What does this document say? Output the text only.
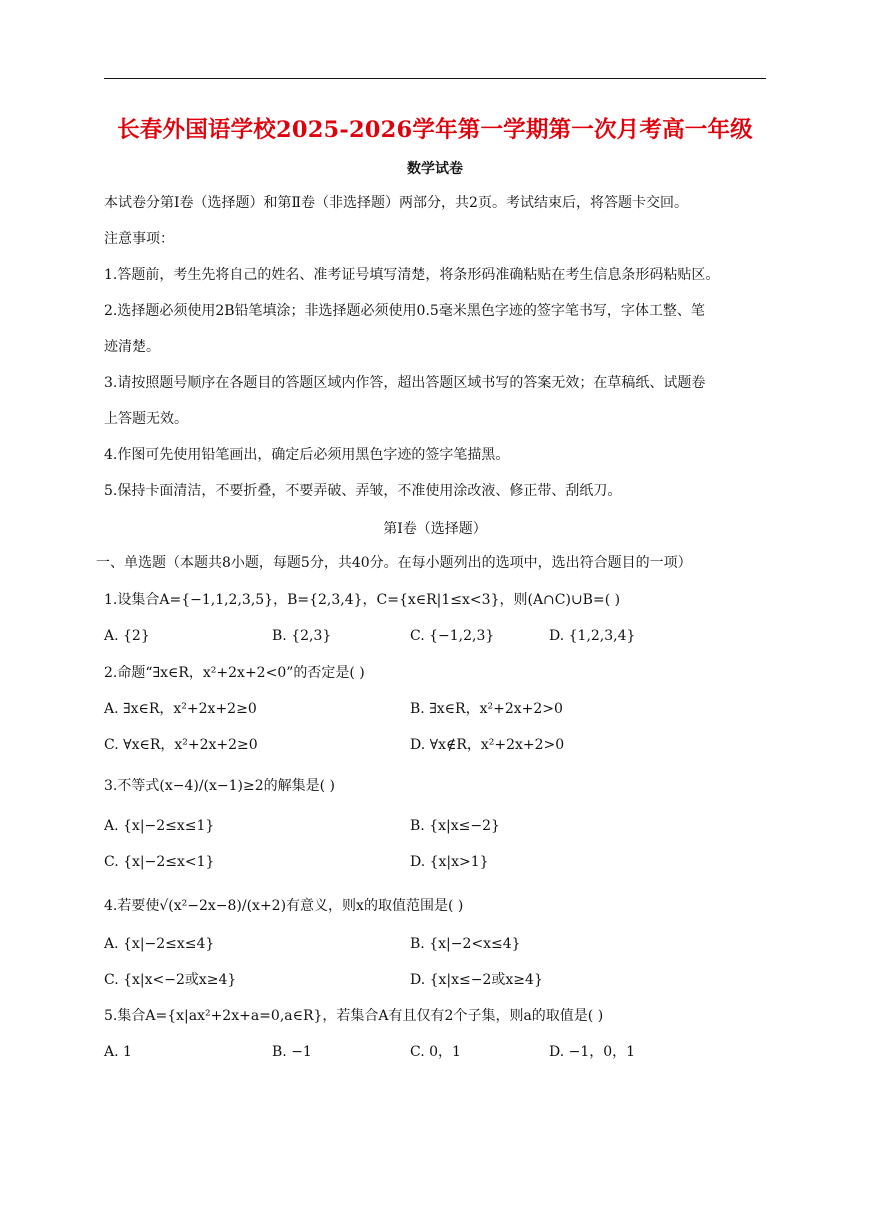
长春外国语学校2025-2026学年第一学期第一次月考高一年级
数学试卷
本试卷分第Ⅰ卷（选择题）和第Ⅱ卷（非选择题）两部分，共2页。考试结束后，将答题卡交回。
注意事项：
1.答题前，考生先将自己的姓名、准考证号填写清楚，将条形码准确粘贴在考生信息条形码粘贴区。
2.选择题必须使用2B铅笔填涂；非选择题必须使用0.5毫米黑色字迹的签字笔书写，字体工整、笔
迹清楚。
3.请按照题号顺序在各题目的答题区域内作答，超出答题区域书写的答案无效；在草稿纸、试题卷
上答题无效。
4.作图可先使用铅笔画出，确定后必须用黑色字迹的签字笔描黑。
5.保持卡面清洁，不要折叠，不要弄破、弄皱，不准使用涂改液、修正带、刮纸刀。
第Ⅰ卷（选择题）
一、单选题（本题共8小题，每题5分，共40分。在每小题列出的选项中，选出符合题目的一项）
1.设集合A={−1,1,2,3,5}，B={2,3,4}，C={x∈R|1≤x<3}，则(A∩C)∪B=( )
A. {2}	B. {2,3}	C. {−1,2,3}	D. {1,2,3,4}
2.命题“∃x∈R，x²+2x+2<0”的否定是( )
A. ∃x∈R，x²+2x+2≥0	B. ∃x∈R，x²+2x+2>0
C. ∀x∈R，x²+2x+2≥0	D. ∀x∉R，x²+2x+2>0
3.不等式(x−4)/(x−1)≥2的解集是( )
A. {x|−2≤x≤1}	B. {x|x≤−2}
C. {x|−2≤x<1}	D. {x|x>1}
4.若要使√(x²−2x−8)/(x+2)有意义，则x的取值范围是( )
A. {x|−2≤x≤4}	B. {x|−2<x≤4}
C. {x|x<−2或x≥4}	D. {x|x≤−2或x≥4}
5.集合A={x|ax²+2x+a=0,a∈R}，若集合A有且仅有2个子集，则a的取值是( )
A. 1	B. −1	C. 0，1	D. −1，0，1
